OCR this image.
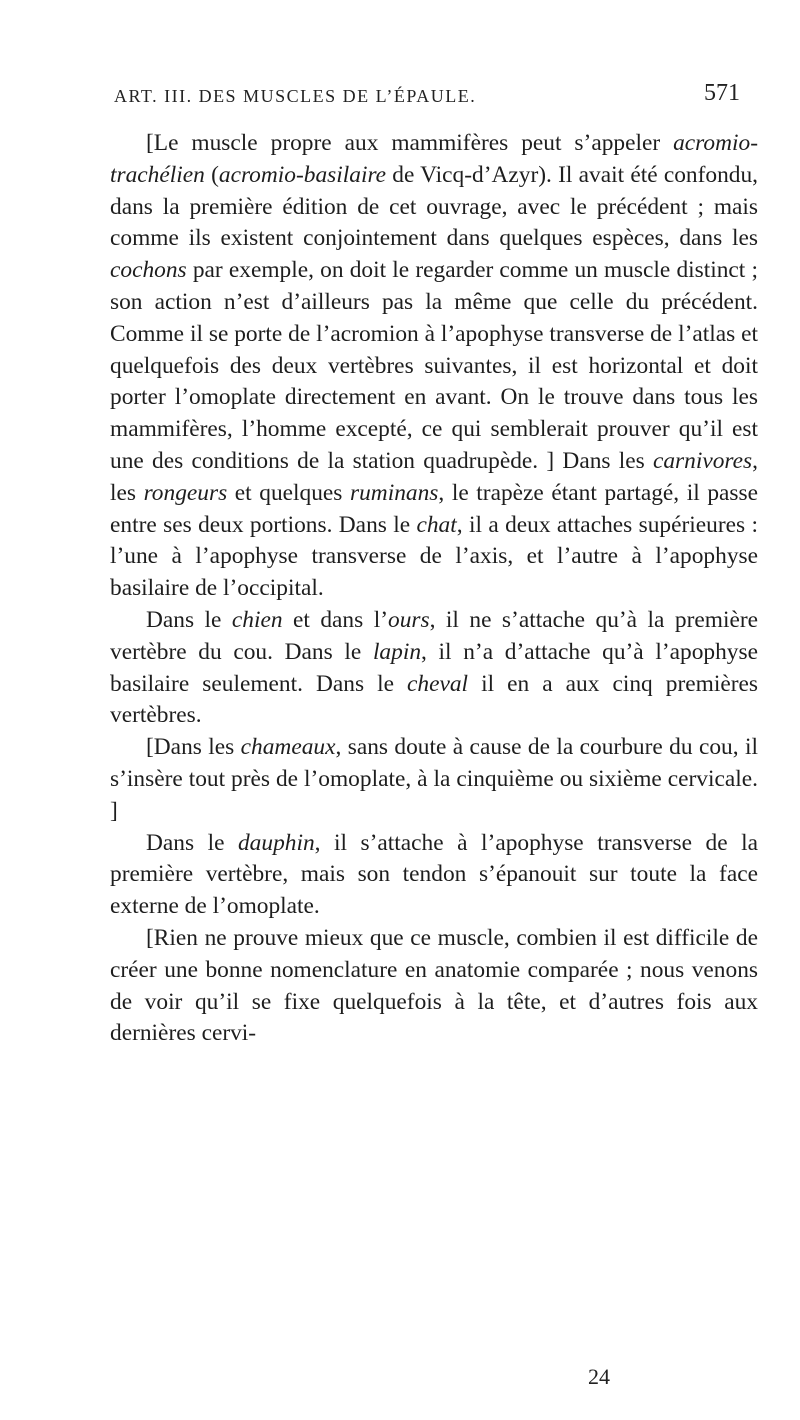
ART. III. DES MUSCLES DE L’ÉPAULE.	571

[Le muscle propre aux mammifères peut s’appeler acromio-trachélien (acromio-basilaire de Vicq-d’Azyr). Il avait été confondu, dans la première édition de cet ouvrage, avec le précédent ; mais comme ils existent conjointement dans quelques espèces, dans les cochons par exemple, on doit le regarder comme un muscle distinct ; son action n’est d’ailleurs pas la même que celle du précédent. Comme il se porte de l’acromion à l’apophyse transverse de l’atlas et quelquefois des deux vertèbres suivantes, il est horizontal et doit porter l’omoplate directement en avant. On le trouve dans tous les mammifères, l’homme excepté, ce qui semblerait prouver qu’il est une des conditions de la station quadrupède. ] Dans les carnivores, les rongeurs et quelques ruminans, le trapèze étant partagé, il passe entre ses deux portions. Dans le chat, il a deux attaches supérieures : l’une à l’apophyse transverse de l’axis, et l’autre à l’apophyse basilaire de l’occipital.

Dans le chien et dans l’ours, il ne s’attache qu’à la première vertèbre du cou. Dans le lapin, il n’a d’attache qu’à l’apophyse basilaire seulement. Dans le cheval il en a aux cinq premières vertèbres.

[Dans les chameaux, sans doute à cause de la courbure du cou, il s’insère tout près de l’omoplate, à la cinquième ou sixième cervicale. ]

Dans le dauphin, il s’attache à l’apophyse transverse de la première vertèbre, mais son tendon s’épanouit sur toute la face externe de l’omoplate.

[Rien ne prouve mieux que ce muscle, combien il est difficile de créer une bonne nomenclature en anatomie comparée ; nous venons de voir qu’il se fixe quelquefois à la tête, et d’autres fois aux dernières cervi-

24
